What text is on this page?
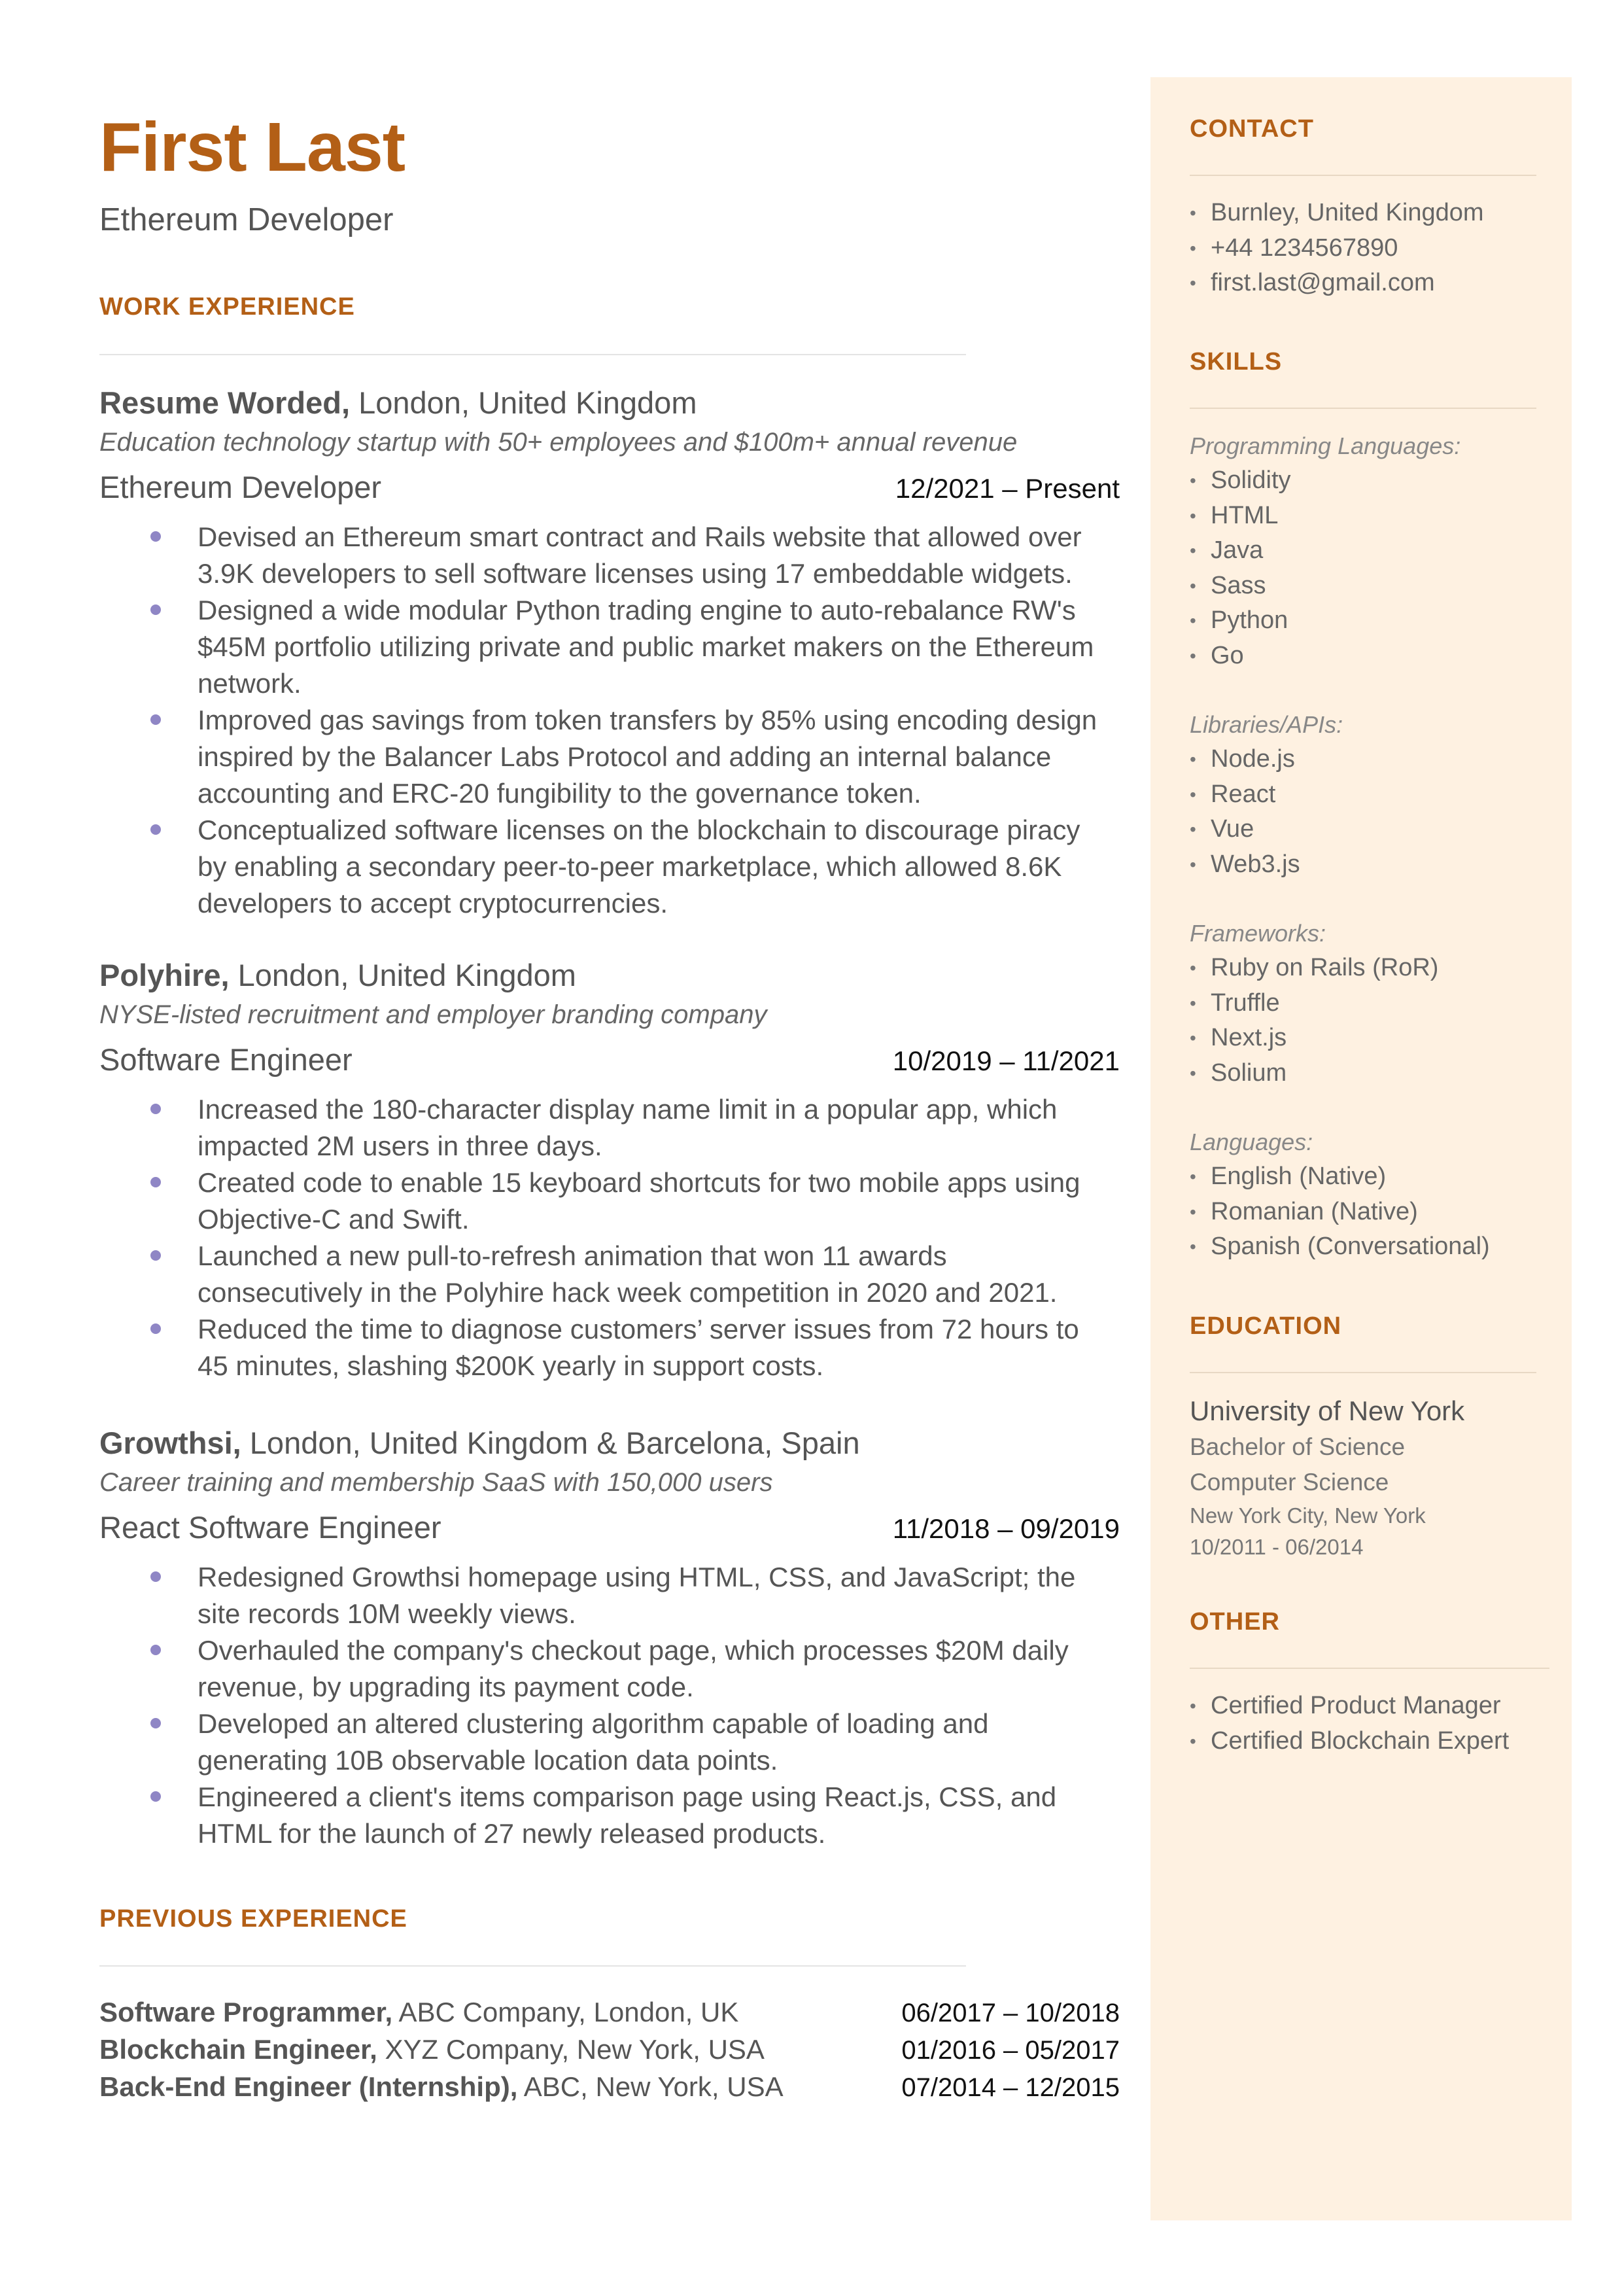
First Last
Ethereum Developer
WORK EXPERIENCE
Resume Worded, London, United Kingdom
Education technology startup with 50+ employees and $100m+ annual revenue
Ethereum Developer	12/2021 – Present
Devised an Ethereum smart contract and Rails website that allowed over 3.9K developers to sell software licenses using 17 embeddable widgets.
Designed a wide modular Python trading engine to auto-rebalance RW's $45M portfolio utilizing private and public market makers on the Ethereum network.
Improved gas savings from token transfers by 85% using encoding design inspired by the Balancer Labs Protocol and adding an internal balance accounting and ERC-20 fungibility to the governance token.
Conceptualized software licenses on the blockchain to discourage piracy by enabling a secondary peer-to-peer marketplace, which allowed 8.6K developers to accept cryptocurrencies.
Polyhire, London, United Kingdom
NYSE-listed recruitment and employer branding company
Software Engineer	10/2019 – 11/2021
Increased the 180-character display name limit in a popular app, which impacted 2M users in three days.
Created code to enable 15 keyboard shortcuts for two mobile apps using Objective-C and Swift.
Launched a new pull-to-refresh animation that won 11 awards consecutively in the Polyhire hack week competition in 2020 and 2021.
Reduced the time to diagnose customers’ server issues from 72 hours to 45 minutes, slashing $200K yearly in support costs.
Growthsi, London, United Kingdom & Barcelona, Spain
Career training and membership SaaS with 150,000 users
React Software Engineer	11/2018 – 09/2019
Redesigned Growthsi homepage using HTML, CSS, and JavaScript; the site records 10M weekly views.
Overhauled the company's checkout page, which processes $20M daily revenue, by upgrading its payment code.
Developed an altered clustering algorithm capable of loading and generating 10B observable location data points.
Engineered a client's items comparison page using React.js, CSS, and HTML for the launch of 27 newly released products.
PREVIOUS EXPERIENCE
Software Programmer, ABC Company, London, UK	06/2017 – 10/2018
Blockchain Engineer, XYZ Company, New York, USA	01/2016 – 05/2017
Back-End Engineer (Internship), ABC, New York, USA	07/2014 – 12/2015
CONTACT
• Burnley, United Kingdom
• +44 1234567890
• first.last@gmail.com
SKILLS
Programming Languages:
• Solidity
• HTML
• Java
• Sass
• Python
• Go
Libraries/APIs:
• Node.js
• React
• Vue
• Web3.js
Frameworks:
• Ruby on Rails (RoR)
• Truffle
• Next.js
• Solium
Languages:
• English (Native)
• Romanian (Native)
• Spanish (Conversational)
EDUCATION
University of New York
Bachelor of Science
Computer Science
New York City, New York
10/2011 - 06/2014
OTHER
• Certified Product Manager
• Certified Blockchain Expert
